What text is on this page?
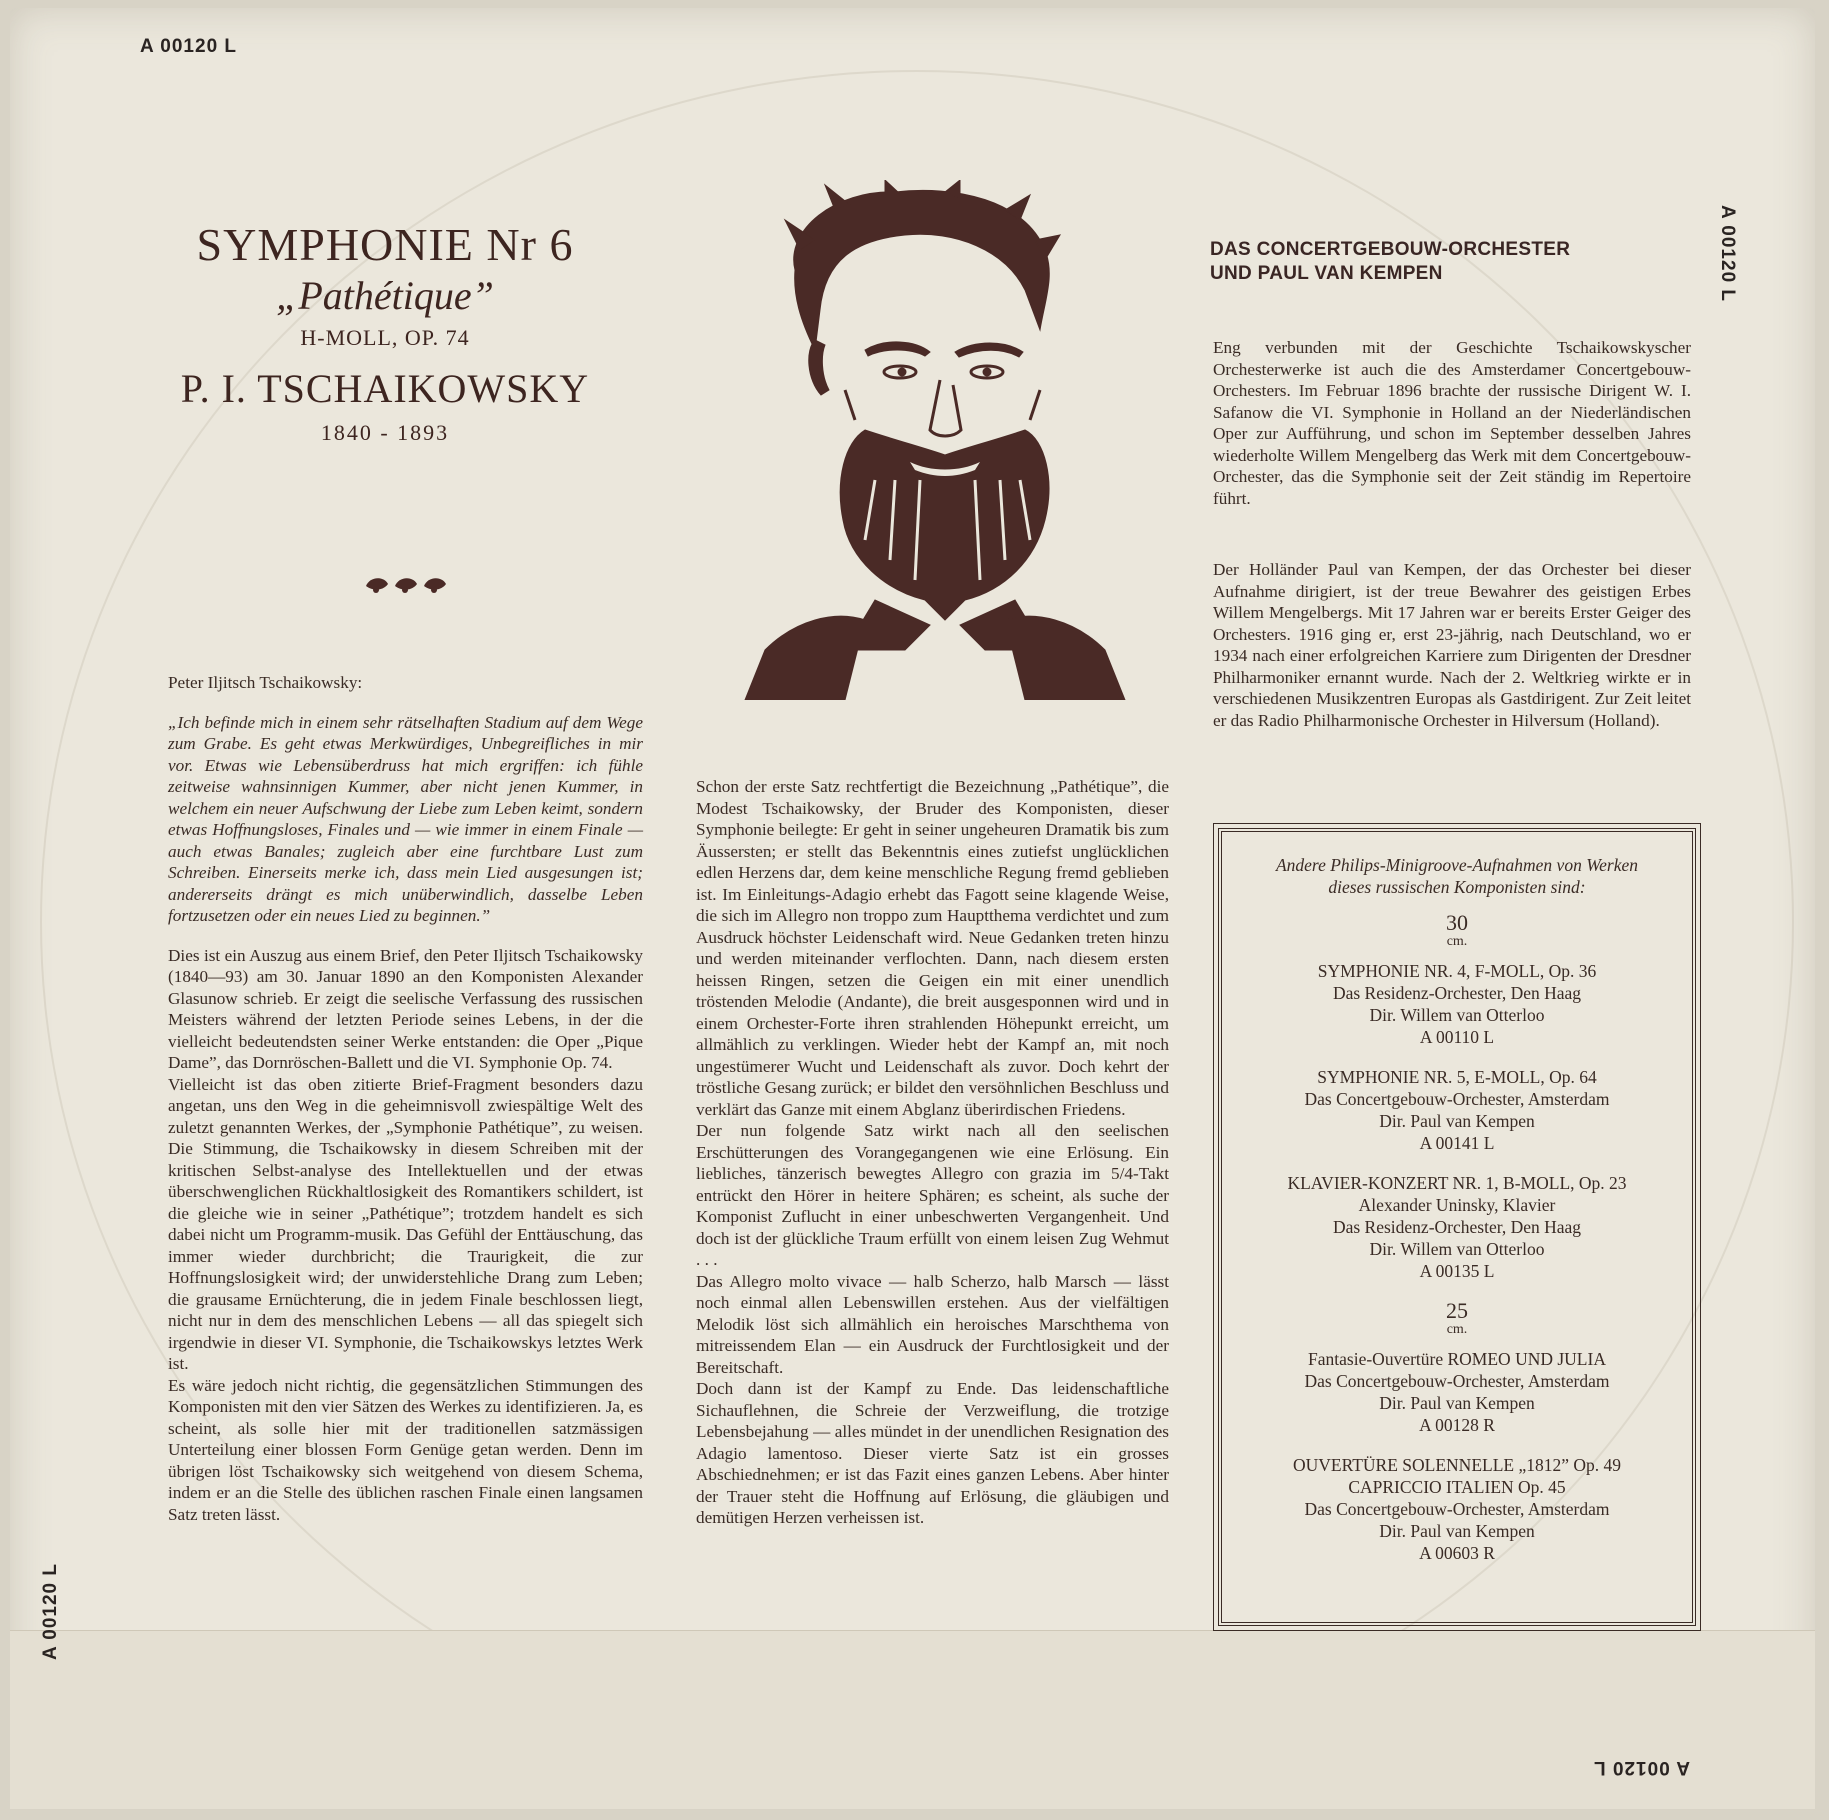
A 00120 L
A 00120 L
A 00120 L
A 00120 L
SYMPHONIE Nr 6
„Pathétique”
H-MOLL, OP. 74
P. I. TSCHAIKOWSKY
1840 - 1893

Peter Iljitsch Tschaikowsky:

„Ich befinde mich in einem sehr rätselhaften Stadium auf dem Wege zum Grabe. Es geht etwas Merkwürdiges, Unbegreifliches in mir vor. Etwas wie Lebensüberdruss hat mich ergriffen: ich fühle zeitweise wahnsinnigen Kummer, aber nicht jenen Kummer, in welchem ein neuer Aufschwung der Liebe zum Leben keimt, sondern etwas Hoffnungsloses, Finales und — wie immer in einem Finale — auch etwas Banales; zugleich aber eine furchtbare Lust zum Schreiben. Einerseits merke ich, dass mein Lied ausgesungen ist; andererseits drängt es mich unüberwindlich, dasselbe Leben fortzusetzen oder ein neues Lied zu beginnen.”

Dies ist ein Auszug aus einem Brief, den Peter Iljitsch Tschaikowsky (1840—93) am 30. Januar 1890 an den Komponisten Alexander Glasunow schrieb. Er zeigt die seelische Verfassung des russischen Meisters während der letzten Periode seines Lebens, in der die vielleicht bedeutendsten seiner Werke entstanden: die Oper „Pique Dame”, das Dornröschen-Ballett und die VI. Symphonie Op. 74.

Vielleicht ist das oben zitierte Brief-Fragment besonders dazu angetan, uns den Weg in die geheimnisvoll zwiespältige Welt des zuletzt genannten Werkes, der „Symphonie Pathétique”, zu weisen. Die Stimmung, die Tschaikowsky in diesem Schreiben mit der kritischen Selbst-analyse des Intellektuellen und der etwas überschwenglichen Rückhaltlosigkeit des Romantikers schildert, ist die gleiche wie in seiner „Pathétique”; trotzdem handelt es sich dabei nicht um Programm-musik. Das Gefühl der Enttäuschung, das immer wieder durchbricht; die Traurigkeit, die zur Hoffnungslosigkeit wird; der unwiderstehliche Drang zum Leben; die grausame Ernüchterung, die in jedem Finale beschlossen liegt, nicht nur in dem des menschlichen Lebens — all das spiegelt sich irgendwie in dieser VI. Symphonie, die Tschaikowskys letztes Werk ist.

Es wäre jedoch nicht richtig, die gegensätzlichen Stimmungen des Komponisten mit den vier Sätzen des Werkes zu identifizieren. Ja, es scheint, als solle hier mit der traditionellen satzmässigen Unterteilung einer blossen Form Genüge getan werden. Denn im übrigen löst Tschaikowsky sich weitgehend von diesem Schema, indem er an die Stelle des üblichen raschen Finale einen langsamen Satz treten lässt.

Schon der erste Satz rechtfertigt die Bezeichnung „Pathétique”, die Modest Tschaikowsky, der Bruder des Komponisten, dieser Symphonie beilegte: Er geht in seiner ungeheuren Dramatik bis zum Äussersten; er stellt das Bekenntnis eines zutiefst unglücklichen edlen Herzens dar, dem keine menschliche Regung fremd geblieben ist. Im Einleitungs-Adagio erhebt das Fagott seine klagende Weise, die sich im Allegro non troppo zum Hauptthema verdichtet und zum Ausdruck höchster Leidenschaft wird. Neue Gedanken treten hinzu und werden miteinander verflochten. Dann, nach diesem ersten heissen Ringen, setzen die Geigen ein mit einer unendlich tröstenden Melodie (Andante), die breit ausgesponnen wird und in einem Orchester-Forte ihren strahlenden Höhepunkt erreicht, um allmählich zu verklingen. Wieder hebt der Kampf an, mit noch ungestümerer Wucht und Leidenschaft als zuvor. Doch kehrt der tröstliche Gesang zurück; er bildet den versöhnlichen Beschluss und verklärt das Ganze mit einem Abglanz überirdischen Friedens.

Der nun folgende Satz wirkt nach all den seelischen Erschütterungen des Vorangegangenen wie eine Erlösung. Ein liebliches, tänzerisch bewegtes Allegro con grazia im 5/4-Takt entrückt den Hörer in heitere Sphären; es scheint, als suche der Komponist Zuflucht in einer unbeschwerten Vergangenheit. Und doch ist der glückliche Traum erfüllt von einem leisen Zug Wehmut . . .

Das Allegro molto vivace — halb Scherzo, halb Marsch — lässt noch einmal allen Lebenswillen erstehen. Aus der vielfältigen Melodik löst sich allmählich ein heroisches Marschthema von mitreissendem Elan — ein Ausdruck der Furchtlosigkeit und der Bereitschaft.

Doch dann ist der Kampf zu Ende. Das leidenschaftliche Sichauflehnen, die Schreie der Verzweiflung, die trotzige Lebensbejahung — alles mündet in der unendlichen Resignation des Adagio lamentoso. Dieser vierte Satz ist ein grosses Abschiednehmen; er ist das Fazit eines ganzen Lebens. Aber hinter der Trauer steht die Hoffnung auf Erlösung, die gläubigen und demütigen Herzen verheissen ist.

DAS CONCERTGEBOUW-ORCHESTER
UND PAUL VAN KEMPEN

Eng verbunden mit der Geschichte Tschaikowskyscher Orchesterwerke ist auch die des Amsterdamer Concertgebouw-Orchesters. Im Februar 1896 brachte der russische Dirigent W. I. Safanow die VI. Symphonie in Holland an der Niederländischen Oper zur Aufführung, und schon im September desselben Jahres wiederholte Willem Mengelberg das Werk mit dem Concertgebouw-Orchester, das die Symphonie seit der Zeit ständig im Repertoire führt.

Der Holländer Paul van Kempen, der das Orchester bei dieser Aufnahme dirigiert, ist der treue Bewahrer des geistigen Erbes Willem Mengelbergs. Mit 17 Jahren war er bereits Erster Geiger des Orchesters. 1916 ging er, erst 23-jährig, nach Deutschland, wo er 1934 nach einer erfolgreichen Karriere zum Dirigenten der Dresdner Philharmoniker ernannt wurde. Nach der 2. Weltkrieg wirkte er in verschiedenen Musikzentren Europas als Gastdirigent. Zur Zeit leitet er das Radio Philharmonische Orchester in Hilversum (Holland).

Andere Philips-Minigroove-Aufnahmen von Werken
dieses russischen Komponisten sind:
30
cm.
SYMPHONIE NR. 4, F-MOLL, Op. 36
Das Residenz-Orchester, Den Haag
Dir. Willem van Otterloo
A 00110 L
SYMPHONIE NR. 5, E-MOLL, Op. 64
Das Concertgebouw-Orchester, Amsterdam
Dir. Paul van Kempen
A 00141 L
KLAVIER-KONZERT NR. 1, B-MOLL, Op. 23
Alexander Uninsky, Klavier
Das Residenz-Orchester, Den Haag
Dir. Willem van Otterloo
A 00135 L
25
cm.
Fantasie-Ouvertüre ROMEO UND JULIA
Das Concertgebouw-Orchester, Amsterdam
Dir. Paul van Kempen
A 00128 R
OUVERTÜRE SOLENNELLE „1812” Op. 49
CAPRICCIO ITALIEN Op. 45
Das Concertgebouw-Orchester, Amsterdam
Dir. Paul van Kempen
A 00603 R
